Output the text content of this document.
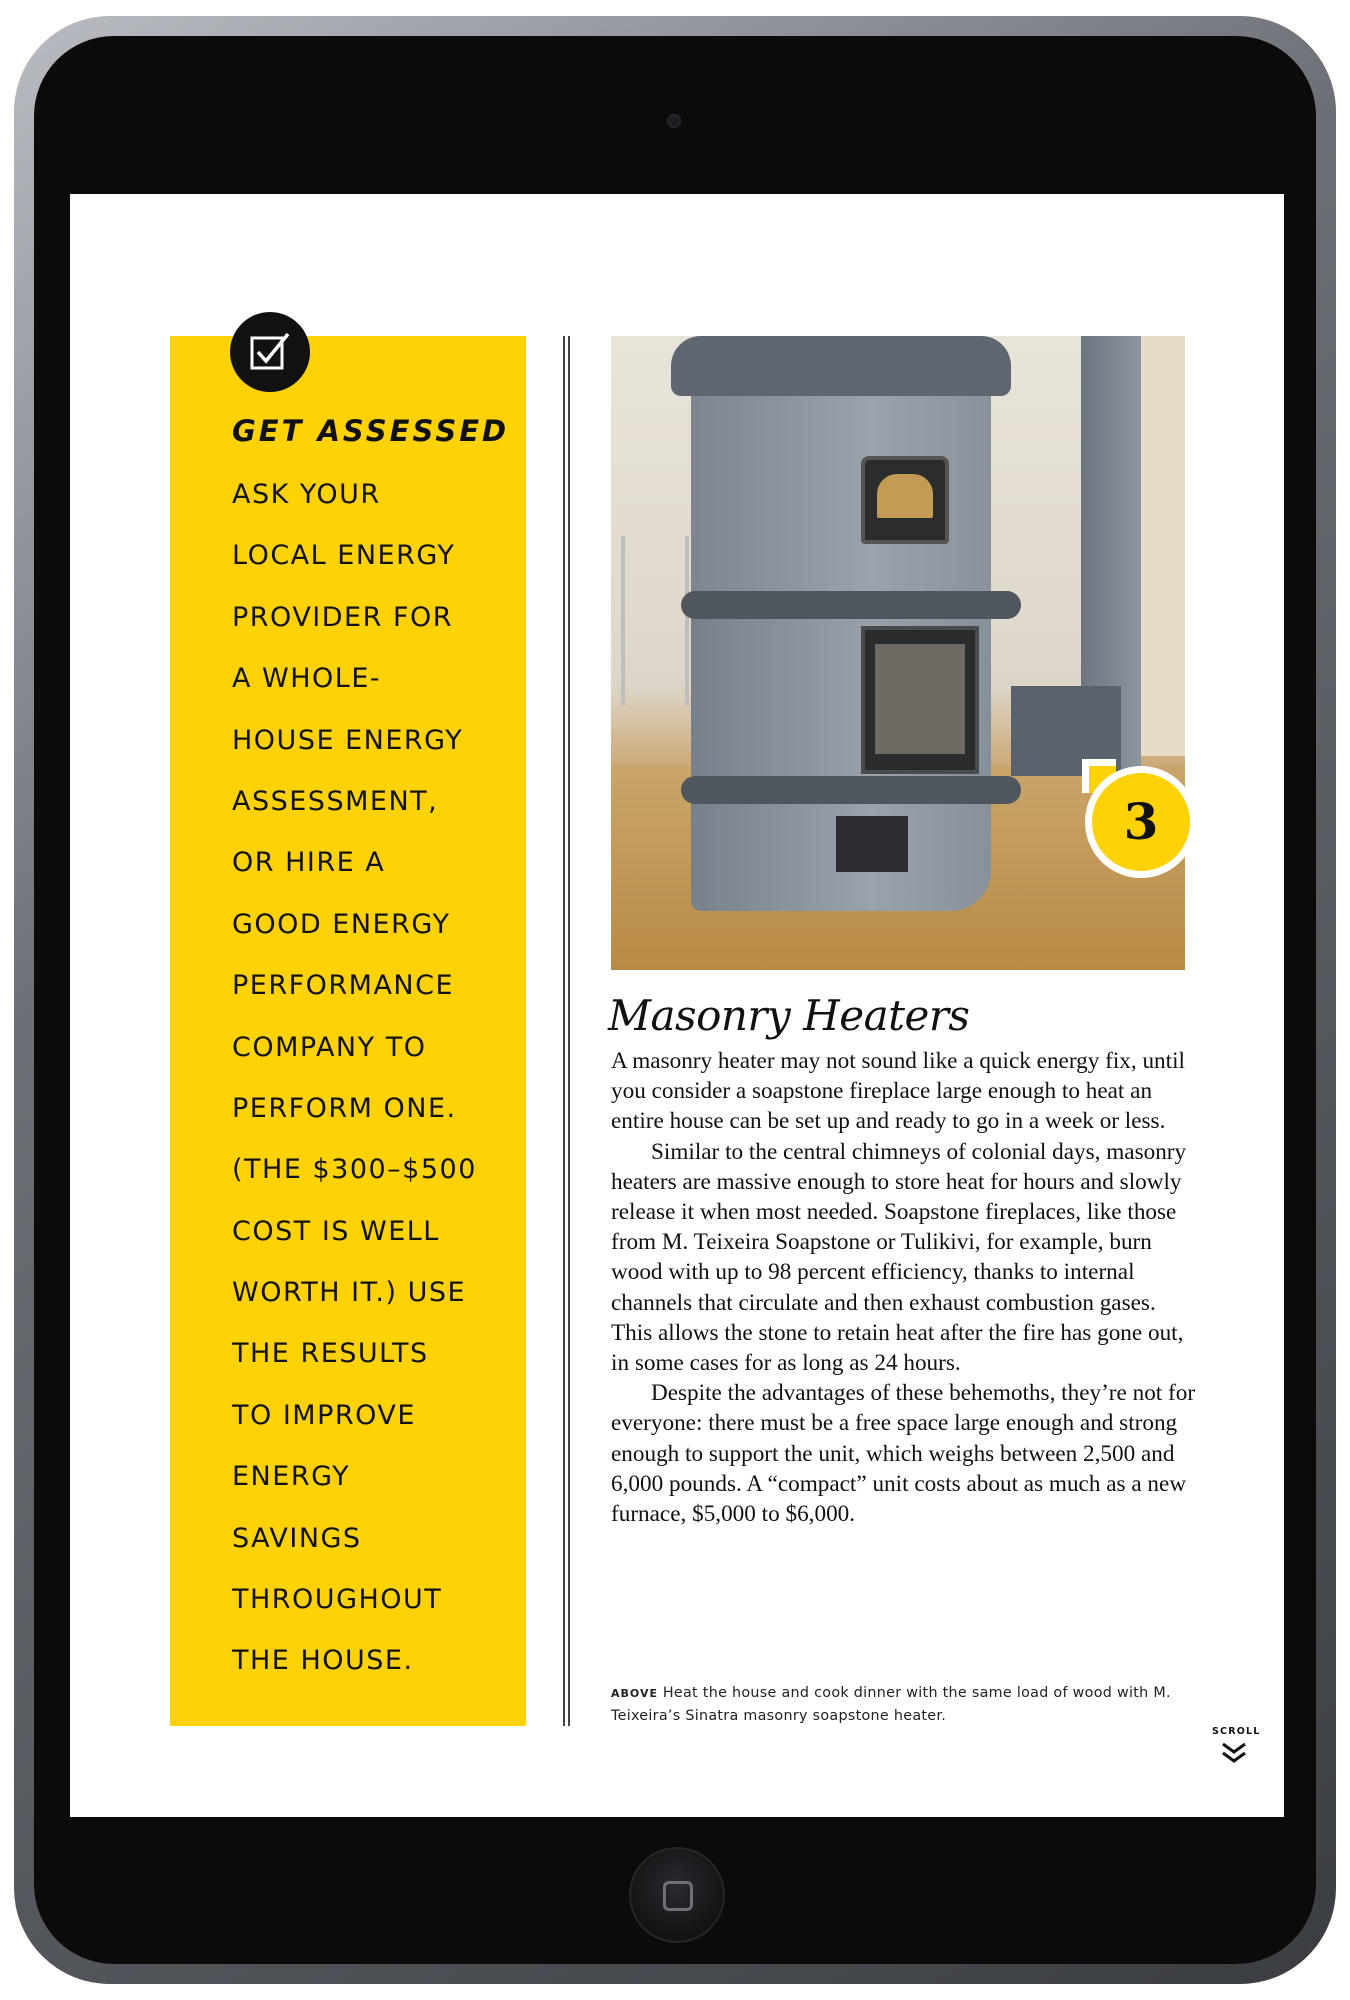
GET ASSESSED
ASK YOUR
LOCAL ENERGY
PROVIDER FOR
A WHOLE-
HOUSE ENERGY
ASSESSMENT,
OR HIRE A
GOOD ENERGY
PERFORMANCE
COMPANY TO
PERFORM ONE.
(THE $300–$500
COST IS WELL
WORTH IT.) USE
THE RESULTS
TO IMPROVE
ENERGY
SAVINGS
THROUGHOUT
THE HOUSE.
3
Masonry Heaters

A masonry heater may not sound like a quick energy fix, until you consider a soapstone fireplace large enough to heat an entire house can be set up and ready to go in a week or less.

Similar to the central chimneys of colonial days, masonry heaters are massive enough to store heat for hours and slowly release it when most needed. Soapstone fireplaces, like those from M. Teixeira Soapstone or Tulikivi, for example, burn wood with up to 98 percent efficiency, thanks to internal channels that circulate and then exhaust combustion gases. This allows the stone to retain heat after the fire has gone out, in some cases for as long as 24 hours.

Despite the advantages of these behemoths, they’re not for everyone: there must be a free space large enough and strong enough to support the unit, which weighs between 2,500 and 6,000 pounds. A “compact” unit costs about as much as a new furnace, $5,000 to $6,000.

ABOVE Heat the house and cook dinner with the same load of wood with M. Teixeira’s Sinatra masonry soapstone heater.
SCROLL
